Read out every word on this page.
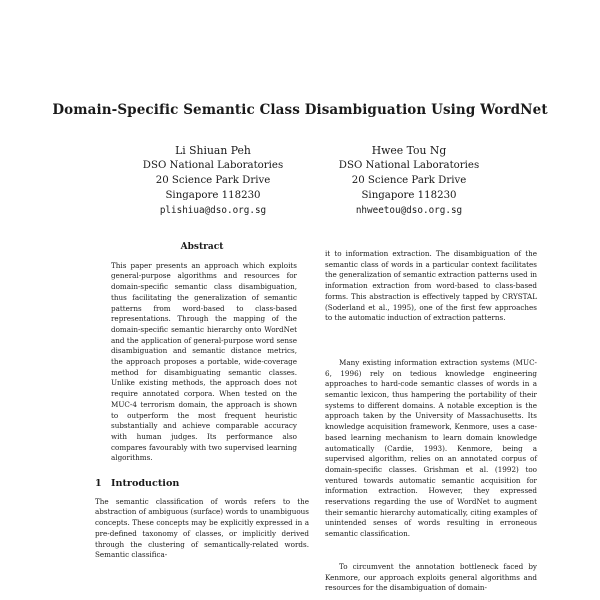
Domain-Specific Semantic Class Disambiguation Using WordNet
Li Shiuan Peh
DSO National Laboratories
20 Science Park Drive
Singapore 118230
plishiua@dso.org.sg
Hwee Tou Ng
DSO National Laboratories
20 Science Park Drive
Singapore 118230
nhweetou@dso.org.sg
Abstract

This paper presents an approach which exploits general-purpose algorithms and resources for domain-specific semantic class disambiguation, thus facilitating the generalization of semantic patterns from word-based to class-based representations. Through the mapping of the domain-specific semantic hierarchy onto WordNet and the application of general-purpose word sense disambiguation and semantic distance metrics, the approach proposes a portable, wide-coverage method for disambiguating semantic classes. Unlike existing methods, the approach does not require annotated corpora. When tested on the MUC-4 terrorism domain, the approach is shown to outperform the most frequent heuristic substantially and achieve comparable accuracy with human judges. Its performance also compares favourably with two supervised learning algorithms.

1 Introduction

The semantic classification of words refers to the abstraction of ambiguous (surface) words to unambiguous concepts. These concepts may be explicitly expressed in a pre-defined taxonomy of classes, or implicitly derived through the clustering of semantically-related words. Semantic classifica-

it to information extraction. The disambiguation of the semantic class of words in a particular context facilitates the generalization of semantic extraction patterns used in information extraction from word-based to class-based forms. This abstraction is effectively tapped by CRYSTAL (Soderland et al., 1995), one of the first few approaches to the automatic induction of extraction patterns.

Many existing information extraction systems (MUC-6, 1996) rely on tedious knowledge engineering approaches to hard-code semantic classes of words in a semantic lexicon, thus hampering the portability of their systems to different domains. A notable exception is the approach taken by the University of Massachusetts. Its knowledge acquisition framework, Kenmore, uses a case-based learning mechanism to learn domain knowledge automatically (Cardie, 1993). Kenmore, being a supervised algorithm, relies on an annotated corpus of domain-specific classes. Grishman et al. (1992) too ventured towards automatic semantic acquisition for information extraction. However, they expressed reservations regarding the use of WordNet to augment their semantic hierarchy automatically, citing examples of unintended senses of words resulting in erroneous semantic classification.

To circumvent the annotation bottleneck faced by Kenmore, our approach exploits general algorithms and resources for the disambiguation of domain-
